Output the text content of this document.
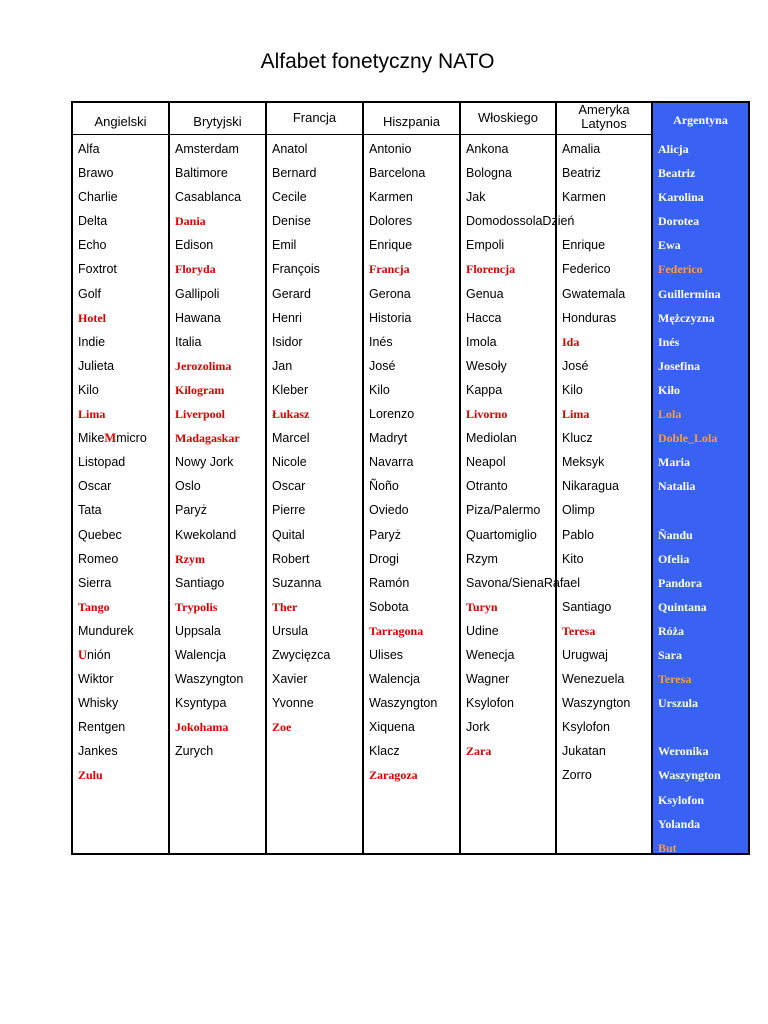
Alfabet fonetyczny NATO
Angielski
Alfa
Brawo
Charlie
Delta
Echo
Foxtrot
Golf
Hotel
Indie
Julieta
Kilo
Lima
MikeMmicro
Listopad
Oscar
Tata
Quebec
Romeo
Sierra
Tango
Mundurek
Unión
Wiktor
Whisky
Rentgen
Jankes
Zulu
Brytyjski
Amsterdam
Baltimore
Casablanca
Dania
Edison
Floryda
Gallipoli
Hawana
Italia
Jerozolima
Kilogram
Liverpool
Madagaskar
Nowy Jork
Oslo
Paryż
Kwekoland
Rzym
Santiago
Trypolis
Uppsala
Walencja
Waszyngton
Ksyntypa
Jokohama
Zurych
Francja
Anatol
Bernard
Cecile
Denise
Emil
François
Gerard
Henri
Isidor
Jan
Kleber
Łukasz
Marcel
Nicole
Oscar
Pierre
Quital
Robert
Suzanna
Ther
Ursula
Zwycięzca
Xavier
Yvonne
Zoe
Hiszpania
Antonio
Barcelona
Karmen
Dolores
Enrique
Francja
Gerona
Historia
Inés
José
Kilo
Lorenzo
Madryt
Navarra
Ñoño
Oviedo
Paryż
Drogi
Ramón
Sobota
Tarragona
Ulises
Walencja
Waszyngton
Xiquena
Klacz
Zaragoza
Włoskiego
Ankona
Bologna
Jak
DomodossolaDzień
Empoli
Florencja
Genua
Hacca
Imola
Wesoły
Kappa
Livorno
Mediolan
Neapol
Otranto
Piza/Palermo
Quartomiglio
Rzym
Savona/SienaRafael
Turyn
Udine
Wenecja
Wagner
Ksylofon
Jork
Zara
Ameryka
Latynos
Amalia
Beatriz
Karmen
Enrique
Federico
Gwatemala
Honduras
Ida
José
Kilo
Lima
Klucz
Meksyk
Nikaragua
Olimp
Pablo
Kito
Santiago
Teresa
Urugwaj
Wenezuela
Waszyngton
Ksylofon
Jukatan
Zorro
Argentyna
Alicja
Beatriz
Karolina
Dorotea
Ewa
Federico
Guillermina
Mężczyzna
Inés
Josefina
Kiło
Lola
Doble_Lola
Maria
Natalia
Ñandu
Ofelia
Pandora
Quintana
Róża
Sara
Teresa
Urszula
Weronika
Waszyngton
Ksylofon
Yolanda
But
